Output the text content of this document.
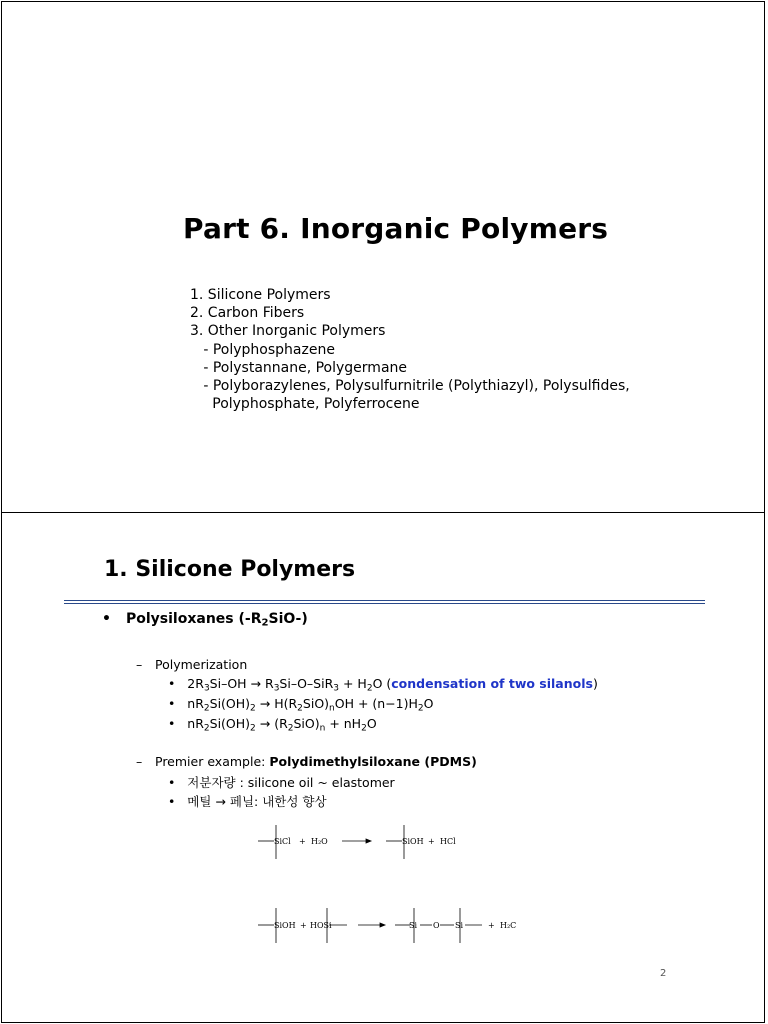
Part 6. Inorganic Polymers
1. Silicone Polymers
2. Carbon Fibers
3. Other Inorganic Polymers
- Polyphosphazene
- Polystannane, Polygermane
- Polyborazylenes, Polysulfurnitrile (Polythiazyl), Polysulfides,
Polyphosphate, Polyferrocene
1. Silicone Polymers
• Polysiloxanes $(-R_2SiO-)$
– Polymerization
•   $2R_3Si-OH \to R_3Si-O-SiR_3 + H_2O$ (condensation of two silanols)
•   $nR_2Si(OH)_2 \to H(R_2SiO)_nOH + (n-1)H_2O$
•   $nR_2Si(OH)_2 \to (R_2SiO)_n + nH_2O$
– Premier example: Polydimethylsiloxane (PDMS)
•   저분자량 : silicone oil ~ elastomer
•   메틸 → 페닐: 내한성 향상
SiCl + H₂O	SiOH + HCl
SiOH + HOSi	Si O Si	+ H₂C
2
